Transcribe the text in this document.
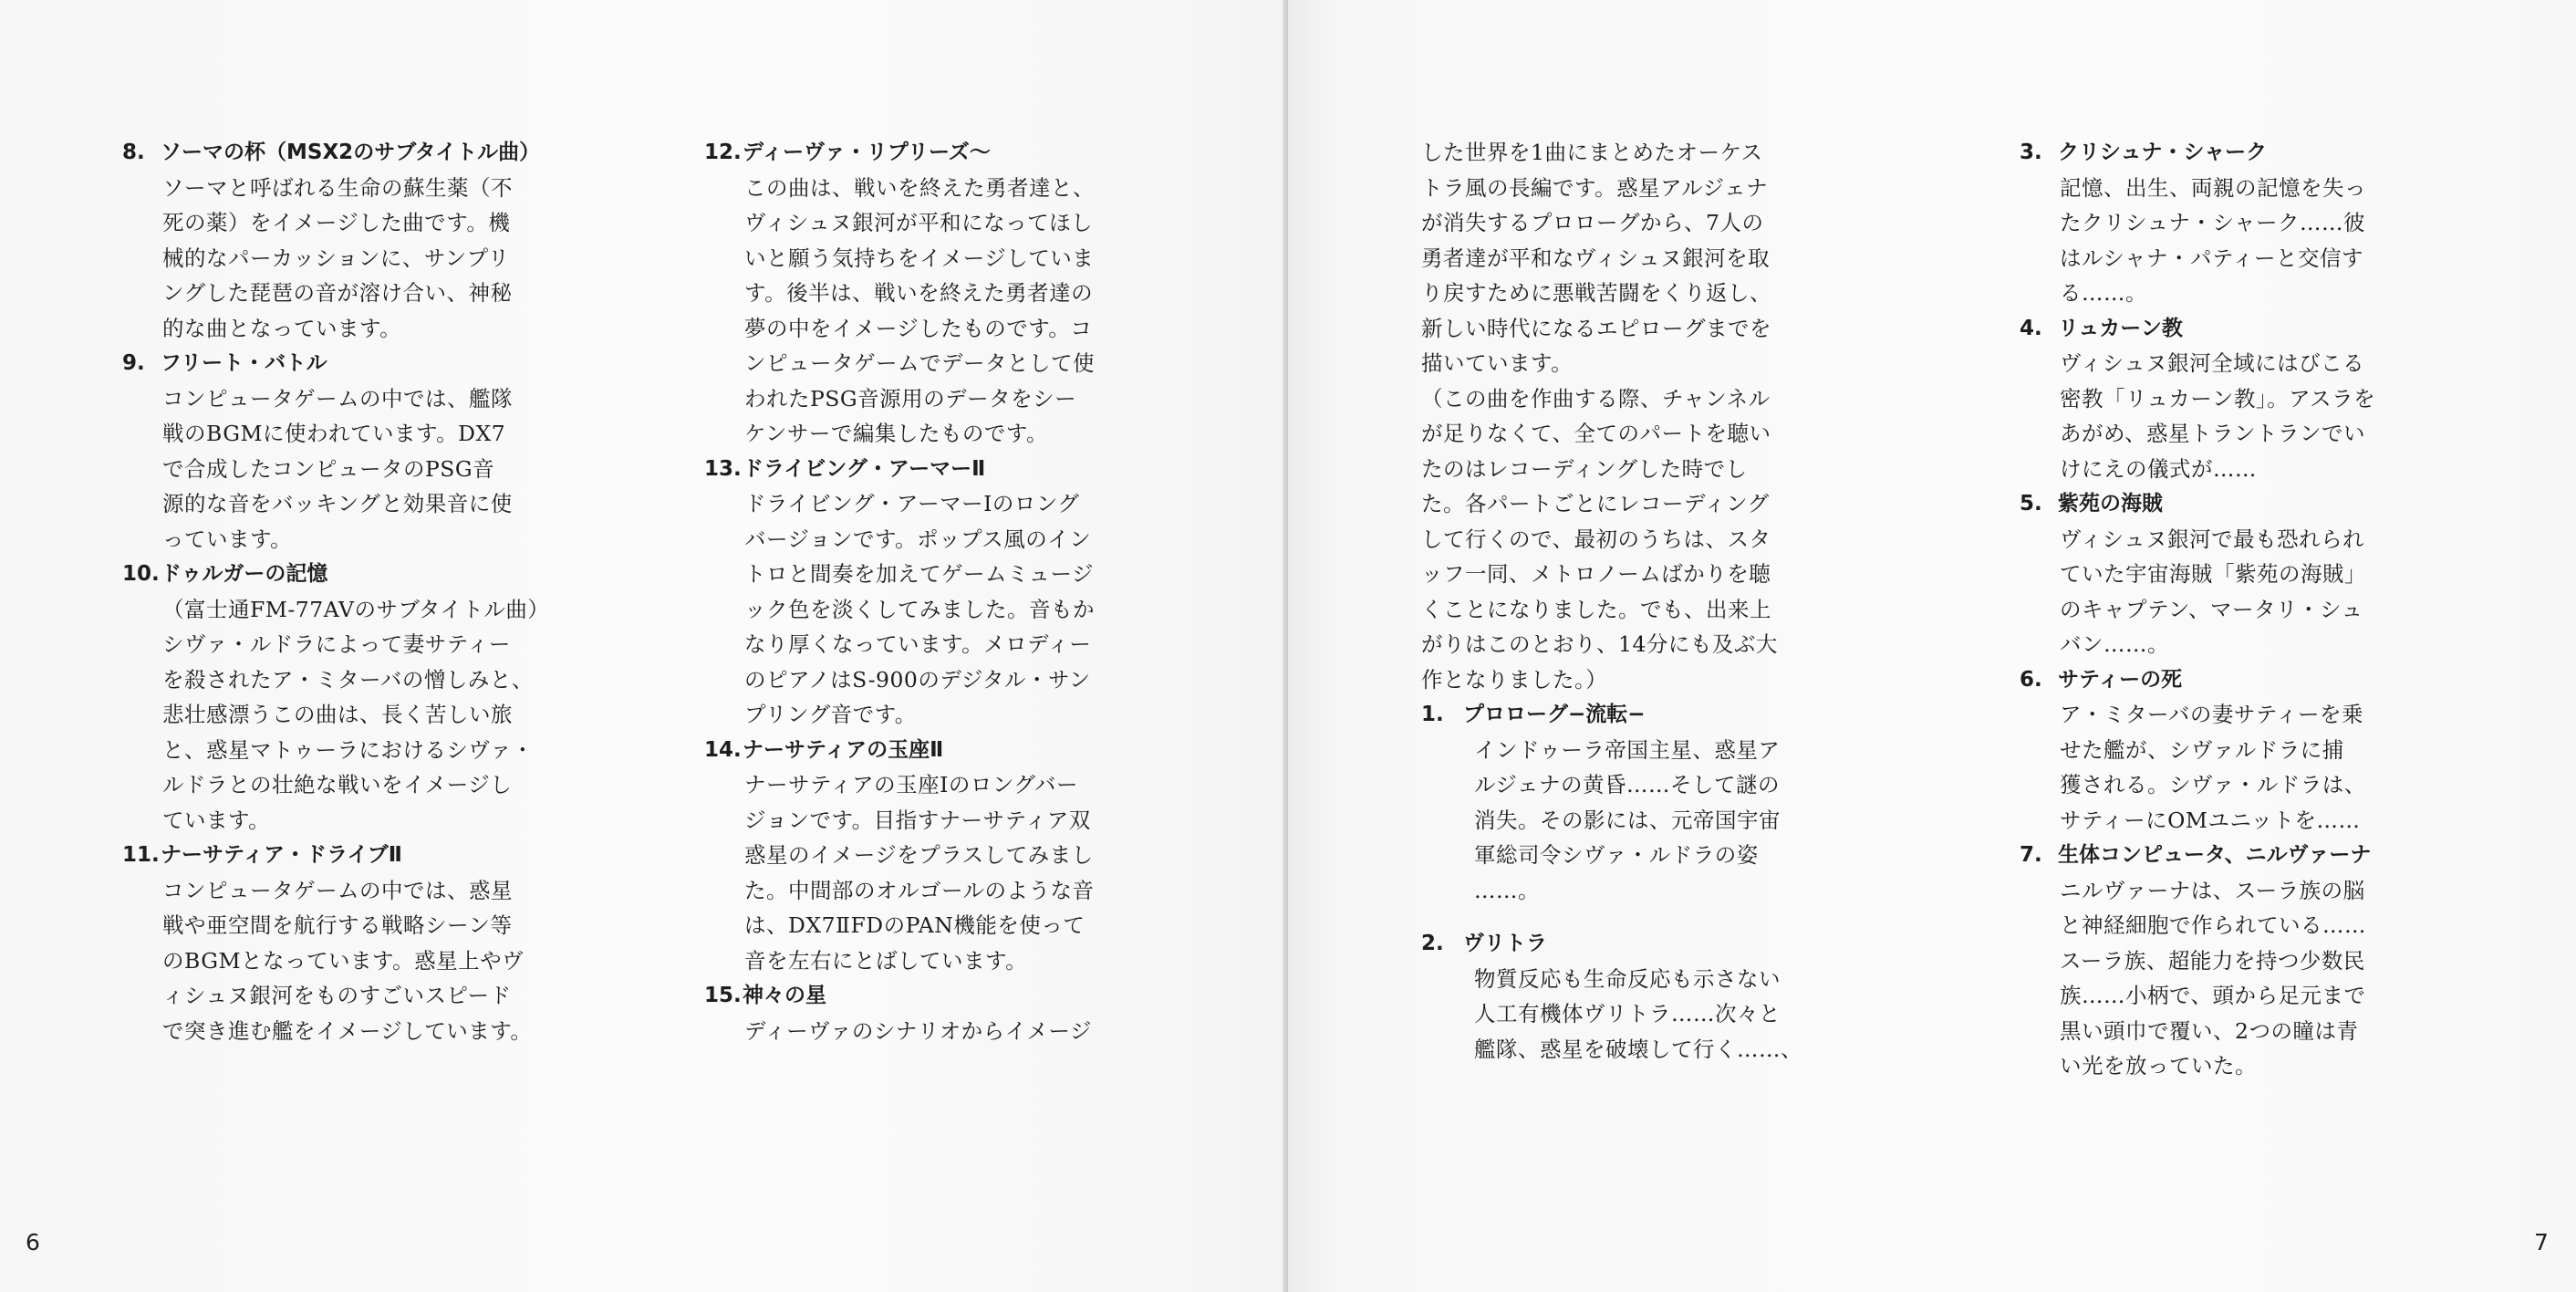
8. ソーマの杯（MSX2のサブタイトル曲）

ソーマと呼ばれる生命の蘇生薬（不
死の薬）をイメージした曲です。機
械的なパーカッションに、サンプリ
ングした琵琶の音が溶け合い、神秘
的な曲となっています。

9. フリート・バトル

コンピュータゲームの中では、艦隊
戦のBGMに使われています。DX7
で合成したコンピュータのPSG音
源的な音をバッキングと効果音に使
っています。

10.ドゥルガーの記憶

（富士通FM-77AVのサブタイトル曲）
シヴァ・ルドラによって妻サティー
を殺されたア・ミターバの憎しみと、
悲壮感漂うこの曲は、長く苦しい旅
と、惑星マトゥーラにおけるシヴァ・
ルドラとの壮絶な戦いをイメージし
ています。

11.ナーサティア・ドライブⅡ

コンピュータゲームの中では、惑星
戦や亜空間を航行する戦略シーン等
のBGMとなっています。惑星上やヴ
ィシュヌ銀河をものすごいスピード
で突き進む艦をイメージしています。

12.ディーヴァ・リプリーズ〜

この曲は、戦いを終えた勇者達と、
ヴィシュヌ銀河が平和になってほし
いと願う気持ちをイメージしていま
す。後半は、戦いを終えた勇者達の
夢の中をイメージしたものです。コ
ンピュータゲームでデータとして使
われたPSG音源用のデータをシー
ケンサーで編集したものです。

13.ドライビング・アーマーⅡ

ドライビング・アーマーⅠのロング
バージョンです。ポップス風のイン
トロと間奏を加えてゲームミュージ
ック色を淡くしてみました。音もか
なり厚くなっています。メロディー
のピアノはS-900のデジタル・サン
プリング音です。

14.ナーサティアの玉座Ⅱ

ナーサティアの玉座Ⅰのロングバー
ジョンです。目指すナーサティア双
惑星のイメージをプラスしてみまし
た。中間部のオルゴールのような音
は、DX7ⅡFDのPAN機能を使って
音を左右にとばしています。

15.神々の星

ディーヴァのシナリオからイメージ

6

した世界を1曲にまとめたオーケス
トラ風の長編です。惑星アルジェナ
が消失するプロローグから、7人の
勇者達が平和なヴィシュヌ銀河を取
り戻すために悪戦苦闘をくり返し、
新しい時代になるエピローグまでを
描いています。
（この曲を作曲する際、チャンネル
が足りなくて、全てのパートを聴い
たのはレコーディングした時でし
た。各パートごとにレコーディング
して行くので、最初のうちは、スタ
ッフ一同、メトロノームばかりを聴
くことになりました。でも、出来上
がりはこのとおり、14分にも及ぶ大
作となりました。）

1. プロローグ−流転−

インドゥーラ帝国主星、惑星ア
ルジェナの黄昏……そして謎の
消失。その影には、元帝国宇宙
軍総司令シヴァ・ルドラの姿
……。

2. ヴリトラ

物質反応も生命反応も示さない
人工有機体ヴリトラ……次々と
艦隊、惑星を破壊して行く……、

3. クリシュナ・シャーク

記憶、出生、両親の記憶を失っ
たクリシュナ・シャーク……彼
はルシャナ・パティーと交信す
る……。

4. リュカーン教

ヴィシュヌ銀河全域にはびこる
密教「リュカーン教」。アスラを
あがめ、惑星トラントランでい
けにえの儀式が……

5. 紫苑の海賊

ヴィシュヌ銀河で最も恐れられ
ていた宇宙海賊「紫苑の海賊」
のキャプテン、マータリ・シュ
バン……。

6. サティーの死

ア・ミターバの妻サティーを乗
せた艦が、シヴァルドラに捕
獲される。シヴァ・ルドラは、
サティーにOMユニットを……

7. 生体コンピュータ、ニルヴァーナ

ニルヴァーナは、スーラ族の脳
と神経細胞で作られている……
スーラ族、超能力を持つ少数民
族……小柄で、頭から足元まで
黒い頭巾で覆い、2つの瞳は青
い光を放っていた。

7
